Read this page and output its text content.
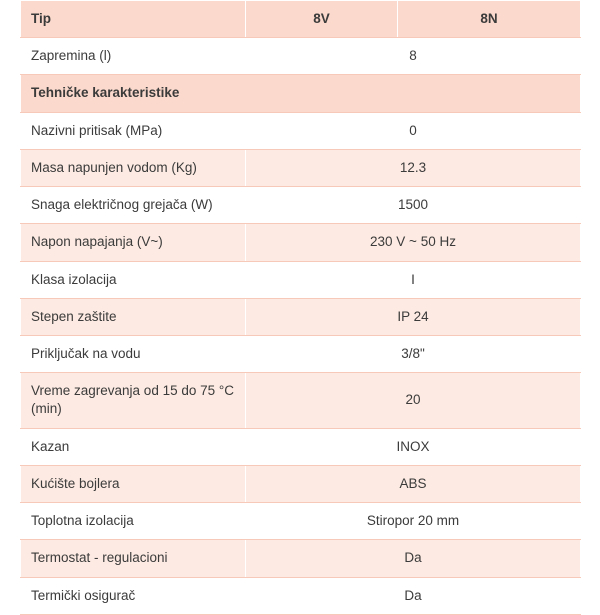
Tip	8V	8N
Zapremina (l)	8	
Tehničke karakteristike		
Nazivni pritisak (MPa)	0	
Masa napunjen vodom (Kg)	12.3	
Snaga električnog grejača (W)	1500	
Napon napajanja (V~)	230 V ~ 50 Hz	
Klasa izolacija	I	
Stepen zaštite	IP 24	
Priključak na vodu	3/8"	
Vreme zagrevanja od 15 do 75 °C (min)	20	
Kazan	INOX	
Kućište bojlera	ABS	
Toplotna izolacija	Stiropor 20 mm	
Termostat - regulacioni	Da	
Termički osigurač	Da	
